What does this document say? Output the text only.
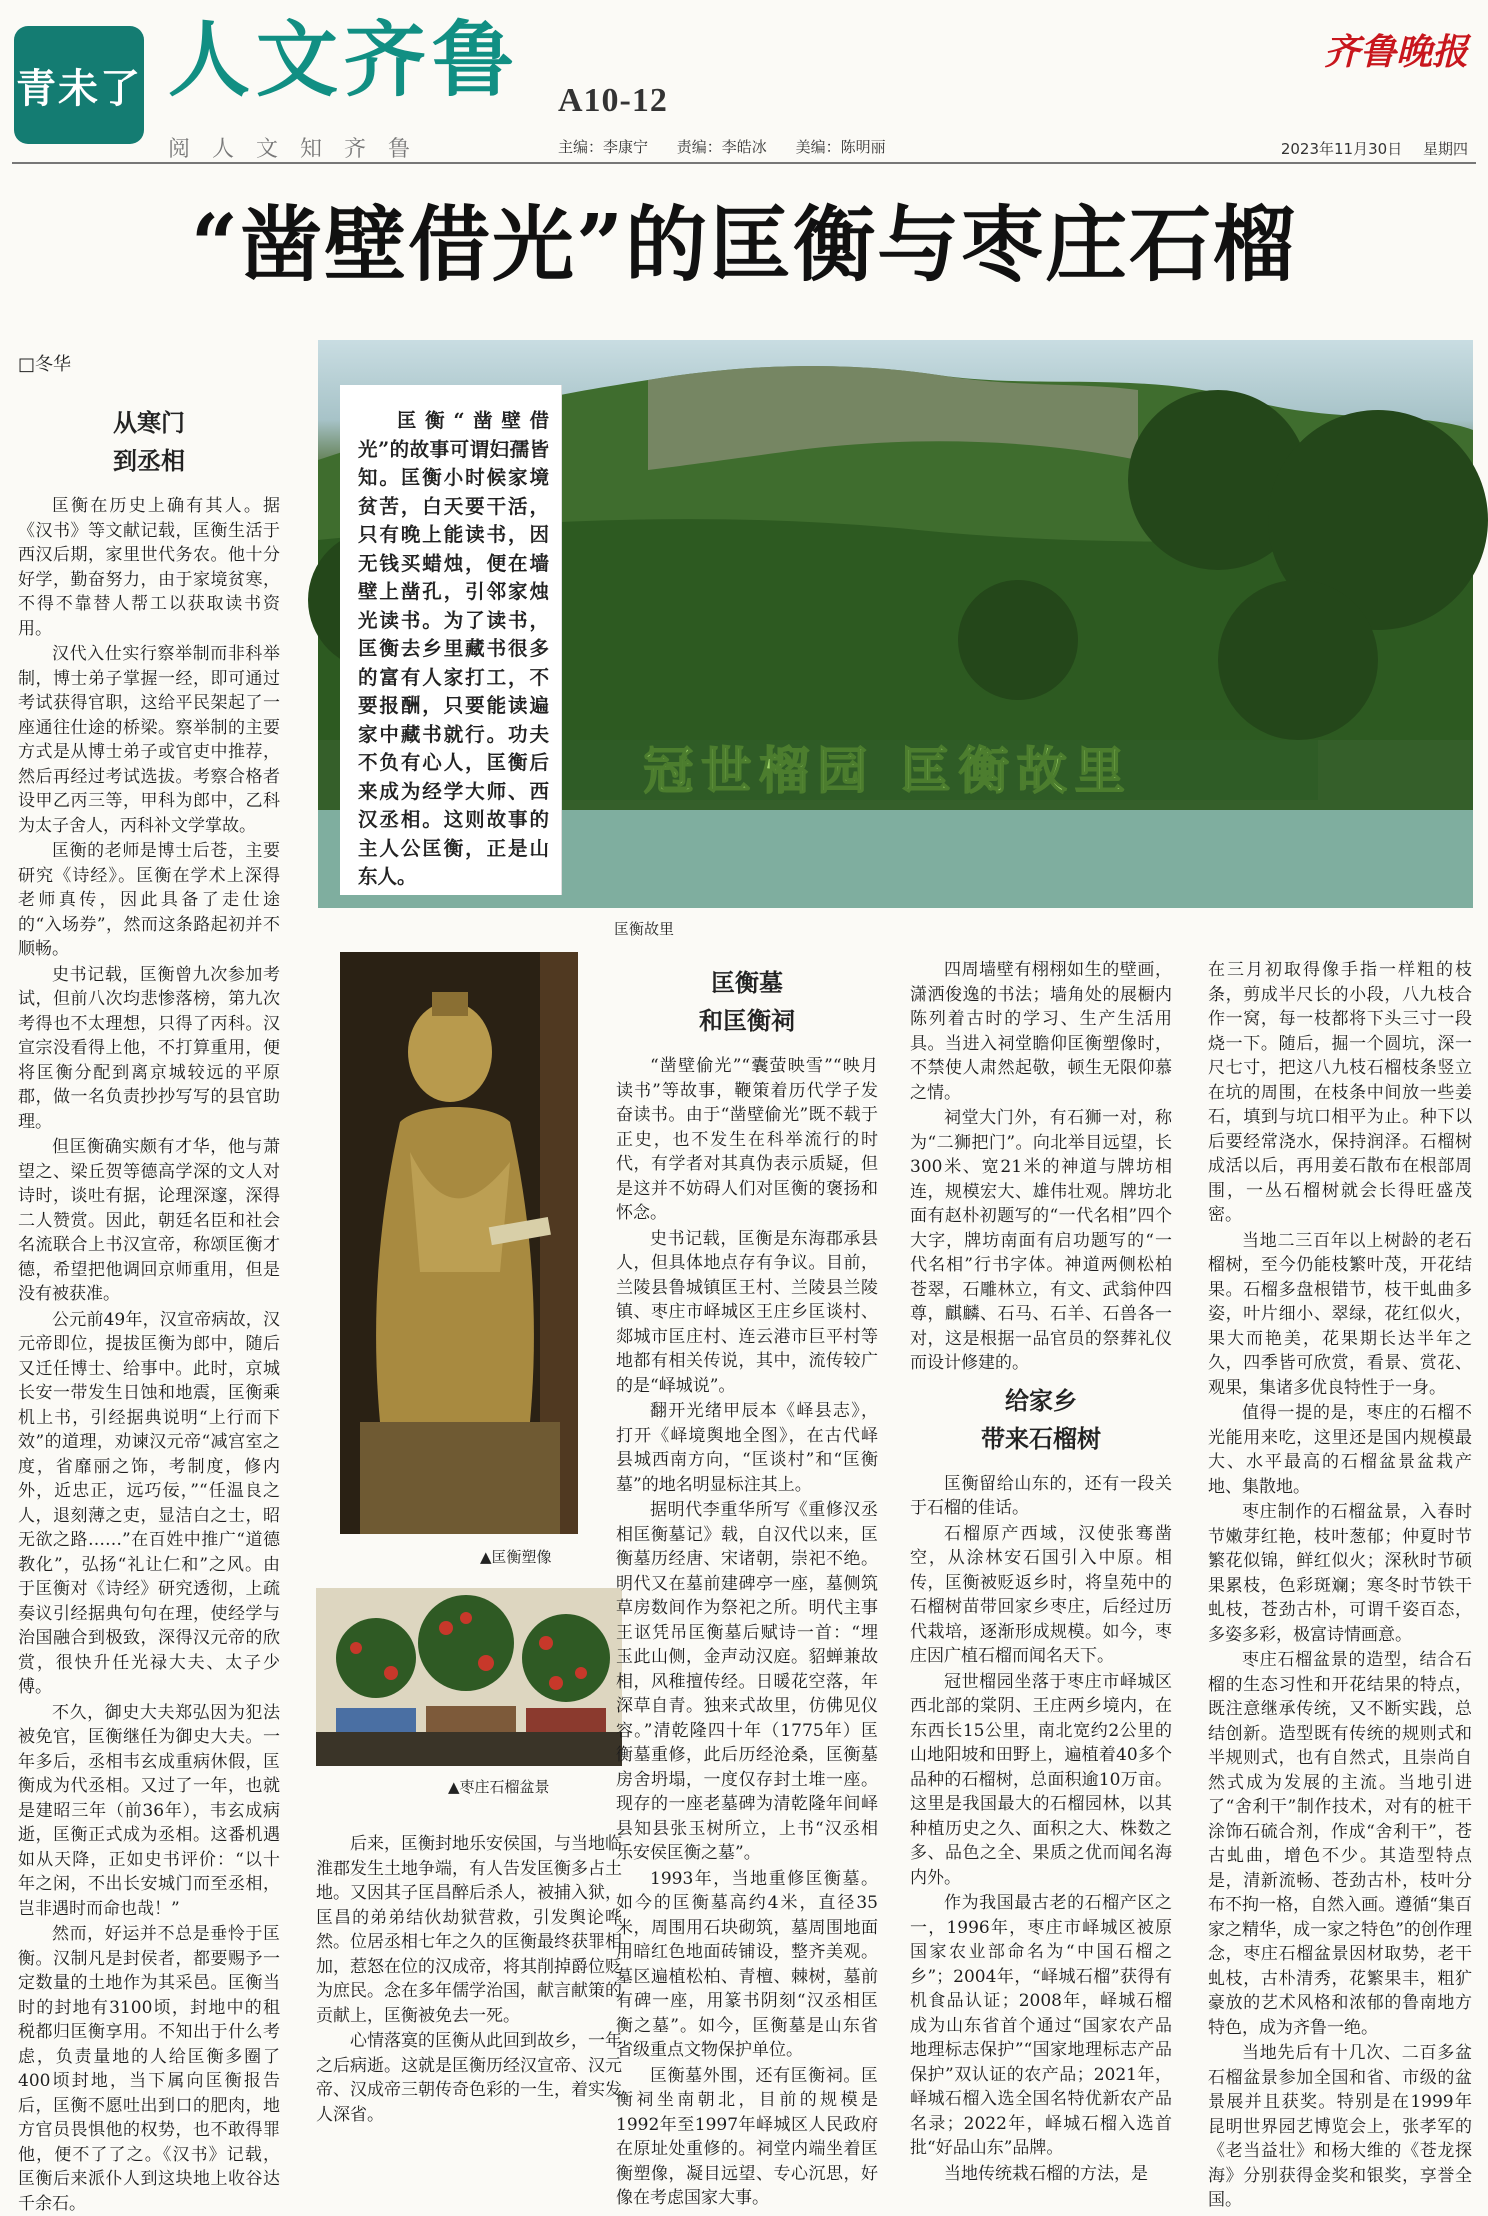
青未了 人文齐鲁 A10-12
阅人文知齐鲁	主编：李康宁 责编：李皓冰 美编：陈明丽
齐鲁晚报
2023年11月30日 星期四
“凿壁借光”的匡衡与枣庄石榴
□冬华
冠世榴园 匡衡故里

匡衡“凿壁借光”的故事可谓妇孺皆知。匡衡小时候家境贫苦，白天要干活，只有晚上能读书，因无钱买蜡烛，便在墙壁上凿孔，引邻家烛光读书。为了读书，匡衡去乡里藏书很多的富有人家打工，不要报酬，只要能读遍家中藏书就行。功夫不负有心人，匡衡后来成为经学大师、西汉丞相。这则故事的主人公匡衡，正是山东人。

匡衡故里
▲匡衡塑像
▲枣庄石榴盆景
从寒门
到丞相

匡衡在历史上确有其人。据《汉书》等文献记载，匡衡生活于西汉后期，家里世代务农。他十分好学，勤奋努力，由于家境贫寒，不得不靠替人帮工以获取读书资用。

汉代入仕实行察举制而非科举制，博士弟子掌握一经，即可通过考试获得官职，这给平民架起了一座通往仕途的桥梁。察举制的主要方式是从博士弟子或官吏中推荐，然后再经过考试选拔。考察合格者设甲乙丙三等，甲科为郎中，乙科为太子舍人，丙科补文学掌故。

匡衡的老师是博士后苍，主要研究《诗经》。匡衡在学术上深得老师真传，因此具备了走仕途的“入场券”，然而这条路起初并不顺畅。

史书记载，匡衡曾九次参加考试，但前八次均悲惨落榜，第九次考得也不太理想，只得了丙科。汉宣宗没看得上他，不打算重用，便将匡衡分配到离京城较远的平原郡，做一名负责抄抄写写的县官助理。

但匡衡确实颇有才华，他与萧望之、梁丘贺等德高学深的文人对诗时，谈吐有据，论理深邃，深得二人赞赏。因此，朝廷名臣和社会名流联合上书汉宣帝，称颂匡衡才德，希望把他调回京师重用，但是没有被获准。

公元前49年，汉宣帝病故，汉元帝即位，提拔匡衡为郎中，随后又迁任博士、给事中。此时，京城长安一带发生日蚀和地震，匡衡乘机上书，引经据典说明“上行而下效”的道理，劝谏汉元帝“减宫室之度，省靡丽之饰，考制度，修内外，近忠正，远巧佞，”“任温良之人，退刻薄之吏，显洁白之士，昭无欲之路……”在百姓中推广“道德教化”，弘扬“礼让仁和”之风。由于匡衡对《诗经》研究透彻，上疏奏议引经据典句句在理，使经学与治国融合到极致，深得汉元帝的欣赏，很快升任光禄大夫、太子少傅。

不久，御史大夫郑弘因为犯法被免官，匡衡继任为御史大夫。一年多后，丞相韦玄成重病休假，匡衡成为代丞相。又过了一年，也就是建昭三年（前36年），韦玄成病逝，匡衡正式成为丞相。这番机遇如从天降，正如史书评价：“以十年之闲，不出长安城门而至丞相，岂非遇时而命也哉！”

然而，好运并不总是垂怜于匡衡。汉制凡是封侯者，都要赐予一定数量的土地作为其采邑。匡衡当时的封地有3100顷，封地中的租税都归匡衡享用。不知出于什么考虑，负责量地的人给匡衡多圈了400顷封地，当下属向匡衡报告后，匡衡不愿吐出到口的肥肉，地方官员畏惧他的权势，也不敢得罪他，便不了了之。《汉书》记载，匡衡后来派仆人到这块地上收谷达千余石。

后来，匡衡封地乐安侯国，与当地临淮郡发生土地争端，有人告发匡衡多占土地。又因其子匡昌醉后杀人，被捕入狱，匡昌的弟弟结伙劫狱营救，引发舆论哗然。位居丞相七年之久的匡衡最终获罪相加，惹怒在位的汉成帝，将其削掉爵位贬为庶民。念在多年儒学治国，献言献策的贡献上，匡衡被免去一死。

心情落寞的匡衡从此回到故乡，一年之后病逝。这就是匡衡历经汉宣帝、汉元帝、汉成帝三朝传奇色彩的一生，着实发人深省。

匡衡墓
和匡衡祠

“凿壁偷光”“囊萤映雪”“映月读书”等故事，鞭策着历代学子发奋读书。由于“凿壁偷光”既不载于正史，也不发生在科举流行的时代，有学者对其真伪表示质疑，但是这并不妨碍人们对匡衡的褒扬和怀念。

史书记载，匡衡是东海郡承县人，但具体地点存有争议。目前，兰陵县鲁城镇匡王村、兰陵县兰陵镇、枣庄市峄城区王庄乡匡谈村、郯城市匡庄村、连云港市巨平村等地都有相关传说，其中，流传较广的是“峄城说”。

翻开光绪甲辰本《峄县志》，打开《峄境舆地全图》，在古代峄县城西南方向，“匡谈村”和“匡衡墓”的地名明显标注其上。

据明代李重华所写《重修汉丞相匡衡墓记》载，自汉代以来，匡衡墓历经唐、宋诸朝，崇祀不绝。明代又在墓前建碑亭一座，墓侧筑草房数间作为祭祀之所。明代主事王讴凭吊匡衡墓后赋诗一首：“埋玉此山侧，金声动汉庭。貂蝉兼故相，风稚擅传经。日暖花空落，年深草自青。独来式故里，仿佛见仪容。”清乾隆四十年（1775年）匡衡墓重修，此后历经沧桑，匡衡墓房舍坍塌，一度仅存封土堆一座。现存的一座老墓碑为清乾隆年间峄县知县张玉树所立，上书“汉丞相乐安侯匡衡之墓”。

1993年，当地重修匡衡墓。如今的匡衡墓高约4米，直径35米，周围用石块砌筑，墓周围地面用暗红色地面砖铺设，整齐美观。墓区遍植松柏、青檀、棘树，墓前有碑一座，用篆书阴刻“汉丞相匡衡之墓”。如今，匡衡墓是山东省省级重点文物保护单位。

匡衡墓外围，还有匡衡祠。匡衡祠坐南朝北，目前的规模是1992年至1997年峄城区人民政府在原址处重修的。祠堂内端坐着匡衡塑像，凝目远望、专心沉思，好像在考虑国家大事。

四周墙壁有栩栩如生的壁画，潇洒俊逸的书法；墙角处的展橱内陈列着古时的学习、生产生活用具。当进入祠堂瞻仰匡衡塑像时，不禁使人肃然起敬，顿生无限仰慕之情。

祠堂大门外，有石狮一对，称为“二狮把门”。向北举目远望，长300米、宽21米的神道与牌坊相连，规模宏大、雄伟壮观。牌坊北面有赵朴初题写的“一代名相”四个大字，牌坊南面有启功题写的“一代名相”行书字体。神道两侧松柏苍翠，石雕林立，有文、武翁仲四尊，麒麟、石马、石羊、石兽各一对，这是根据一品官员的祭葬礼仪而设计修建的。

给家乡
带来石榴树

匡衡留给山东的，还有一段关于石榴的佳话。

石榴原产西域，汉使张骞凿空，从涂林安石国引入中原。相传，匡衡被贬返乡时，将皇苑中的石榴树苗带回家乡枣庄，后经过历代栽培，逐渐形成规模。如今，枣庄因广植石榴而闻名天下。

冠世榴园坐落于枣庄市峄城区西北部的棠阴、王庄两乡境内，在东西长15公里，南北宽约2公里的山地阳坡和田野上，遍植着40多个品种的石榴树，总面积逾10万亩。这里是我国最大的石榴园林，以其种植历史之久、面积之大、株数之多、品色之全、果质之优而闻名海内外。

作为我国最古老的石榴产区之一，1996年，枣庄市峄城区被原国家农业部命名为“中国石榴之乡”；2004年，“峄城石榴”获得有机食品认证；2008年，峄城石榴成为山东省首个通过“国家农产品地理标志保护”“国家地理标志产品保护”双认证的农产品；2021年，峄城石榴入选全国名特优新农产品名录；2022年，峄城石榴入选首批“好品山东”品牌。

当地传统栽石榴的方法，是

在三月初取得像手指一样粗的枝条，剪成半尺长的小段，八九枝合作一窝，每一枝都将下头三寸一段烧一下。随后，掘一个圆坑，深一尺七寸，把这八九枝石榴枝条竖立在坑的周围，在枝条中间放一些姜石，填到与坑口相平为止。种下以后要经常浇水，保持润泽。石榴树成活以后，再用姜石散布在根部周围，一丛石榴树就会长得旺盛茂密。

当地二三百年以上树龄的老石榴树，至今仍能枝繁叶茂，开花结果。石榴多盘根错节，枝干虬曲多姿，叶片细小、翠绿，花红似火，果大而艳美，花果期长达半年之久，四季皆可欣赏，看景、赏花、观果，集诸多优良特性于一身。

值得一提的是，枣庄的石榴不光能用来吃，这里还是国内规模最大、水平最高的石榴盆景盆栽产地、集散地。

枣庄制作的石榴盆景，入春时节嫩芽红艳，枝叶葱郁；仲夏时节繁花似锦，鲜红似火；深秋时节硕果累枝，色彩斑斓；寒冬时节铁干虬枝，苍劲古朴，可谓千姿百态，多姿多彩，极富诗情画意。

枣庄石榴盆景的造型，结合石榴的生态习性和开花结果的特点，既注意继承传统，又不断实践，总结创新。造型既有传统的规则式和半规则式，也有自然式，且崇尚自然式成为发展的主流。当地引进了“舍利干”制作技术，对有的桩干涂饰石硫合剂，作成“舍利干”，苍古虬曲，增色不少。其造型特点是，清新流畅、苍劲古朴，枝叶分布不拘一格，自然入画。遵循“集百家之精华，成一家之特色”的创作理念，枣庄石榴盆景因材取势，老干虬枝，古朴清秀，花繁果丰，粗犷豪放的艺术风格和浓郁的鲁南地方特色，成为齐鲁一绝。

当地先后有十几次、二百多盆石榴盆景参加全国和省、市级的盆景展并且获奖。特别是在1999年昆明世界园艺博览会上，张孝军的《老当益壮》和杨大维的《苍龙探海》分别获得金奖和银奖，享誉全国。
